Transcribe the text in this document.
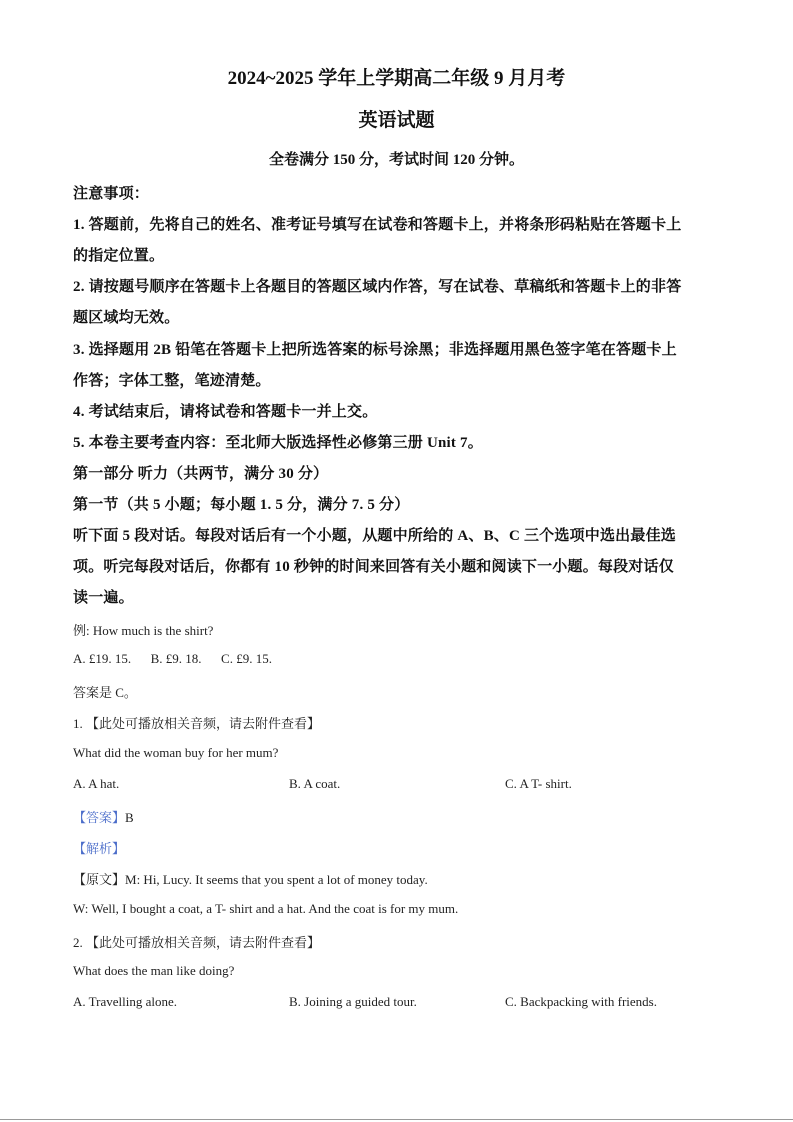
2024~2025 学年上学期高二年级 9 月月考
英语试题
全卷满分 150 分，考试时间 120 分钟。
注意事项：
1. 答题前，先将自己的姓名、准考证号填写在试卷和答题卡上，并将条形码粘贴在答题卡上
的指定位置。
2. 请按题号顺序在答题卡上各题目的答题区域内作答，写在试卷、草稿纸和答题卡上的非答
题区域均无效。
3. 选择题用 2B 铅笔在答题卡上把所选答案的标号涂黑；非选择题用黑色签字笔在答题卡上
作答；字体工整，笔迹清楚。
4. 考试结束后，请将试卷和答题卡一并上交。
5. 本卷主要考查内容：至北师大版选择性必修第三册 Unit 7。
第一部分 听力（共两节，满分 30 分）
第一节（共 5 小题；每小题 1. 5 分，满分 7. 5 分）
听下面 5 段对话。每段对话后有一个小题，从题中所给的 A、B、C 三个选项中选出最佳选
项。听完每段对话后，你都有 10 秒钟的时间来回答有关小题和阅读下一小题。每段对话仅
读一遍。
例: How much is the shirt?
A. £19. 15.      B. £9. 18.      C. £9. 15.
答案是 C。
1. 【此处可播放相关音频，请去附件查看】
What did the woman buy for her mum?
A. A hat.	B. A coat.	C. A T- shirt.
【答案】B
【解析】
【原文】M: Hi, Lucy. It seems that you spent a lot of money today.
W: Well, I bought a coat, a T- shirt and a hat. And the coat is for my mum.
2. 【此处可播放相关音频，请去附件查看】
What does the man like doing?
A. Travelling alone.	B. Joining a guided tour.	C. Backpacking with friends.
